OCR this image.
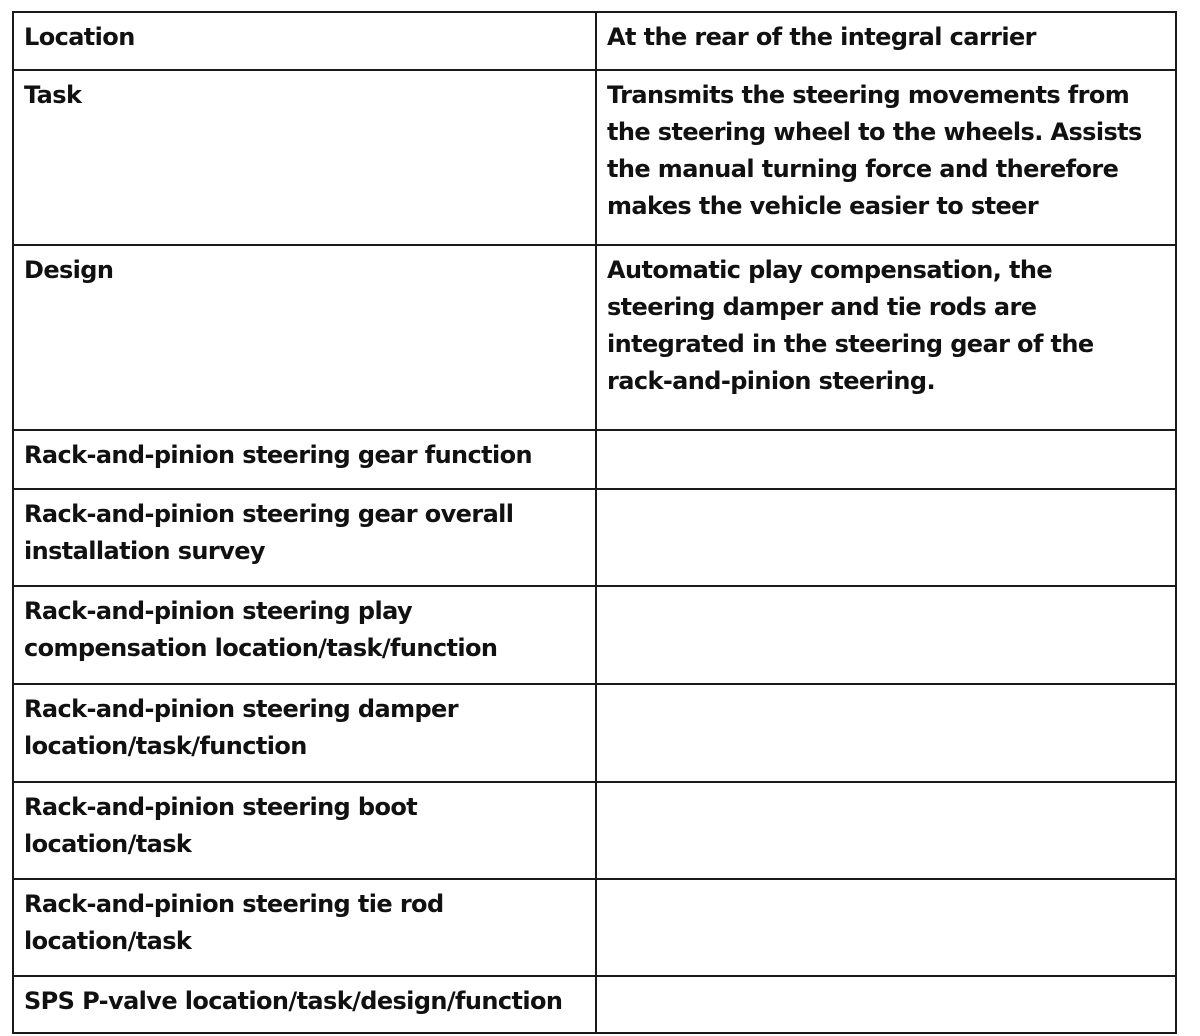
Location	At the rear of the integral carrier
Task	Transmits the steering movements from the steering wheel to the wheels. Assists the manual turning force and therefore makes the vehicle easier to steer
Design	Automatic play compensation, the steering damper and tie rods are integrated in the steering gear of the rack-and-pinion steering.
Rack-and-pinion steering gear function	
Rack-and-pinion steering gear overall installation survey	
Rack-and-pinion steering play compensation location/task/function	
Rack-and-pinion steering damper location/task/function	
Rack-and-pinion steering boot location/task	
Rack-and-pinion steering tie rod location/task	
SPS P-valve location/task/design/function	
